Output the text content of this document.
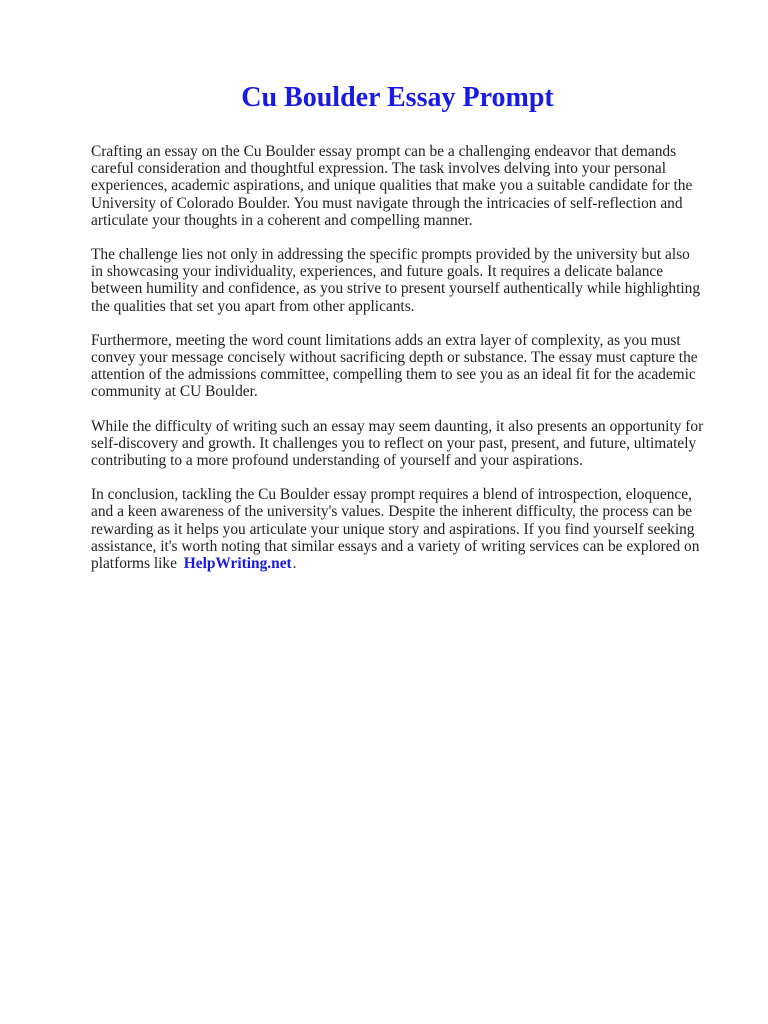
Cu Boulder Essay Prompt

Crafting an essay on the Cu Boulder essay prompt can be a challenging endeavor that demands careful consideration and thoughtful expression. The task involves delving into your personal experiences, academic aspirations, and unique qualities that make you a suitable candidate for the University of Colorado Boulder. You must navigate through the intricacies of self-reflection and articulate your thoughts in a coherent and compelling manner.

The challenge lies not only in addressing the specific prompts provided by the university but also in showcasing your individuality, experiences, and future goals. It requires a delicate balance between humility and confidence, as you strive to present yourself authentically while highlighting the qualities that set you apart from other applicants.

Furthermore, meeting the word count limitations adds an extra layer of complexity, as you must convey your message concisely without sacrificing depth or substance. The essay must capture the attention of the admissions committee, compelling them to see you as an ideal fit for the academic community at CU Boulder.

While the difficulty of writing such an essay may seem daunting, it also presents an opportunity for self-discovery and growth. It challenges you to reflect on your past, present, and future, ultimately contributing to a more profound understanding of yourself and your aspirations.

In conclusion, tackling the Cu Boulder essay prompt requires a blend of introspection, eloquence, and a keen awareness of the university's values. Despite the inherent difficulty, the process can be rewarding as it helps you articulate your unique story and aspirations. If you find yourself seeking assistance, it's worth noting that similar essays and a variety of writing services can be explored on platforms like HelpWriting.net.
